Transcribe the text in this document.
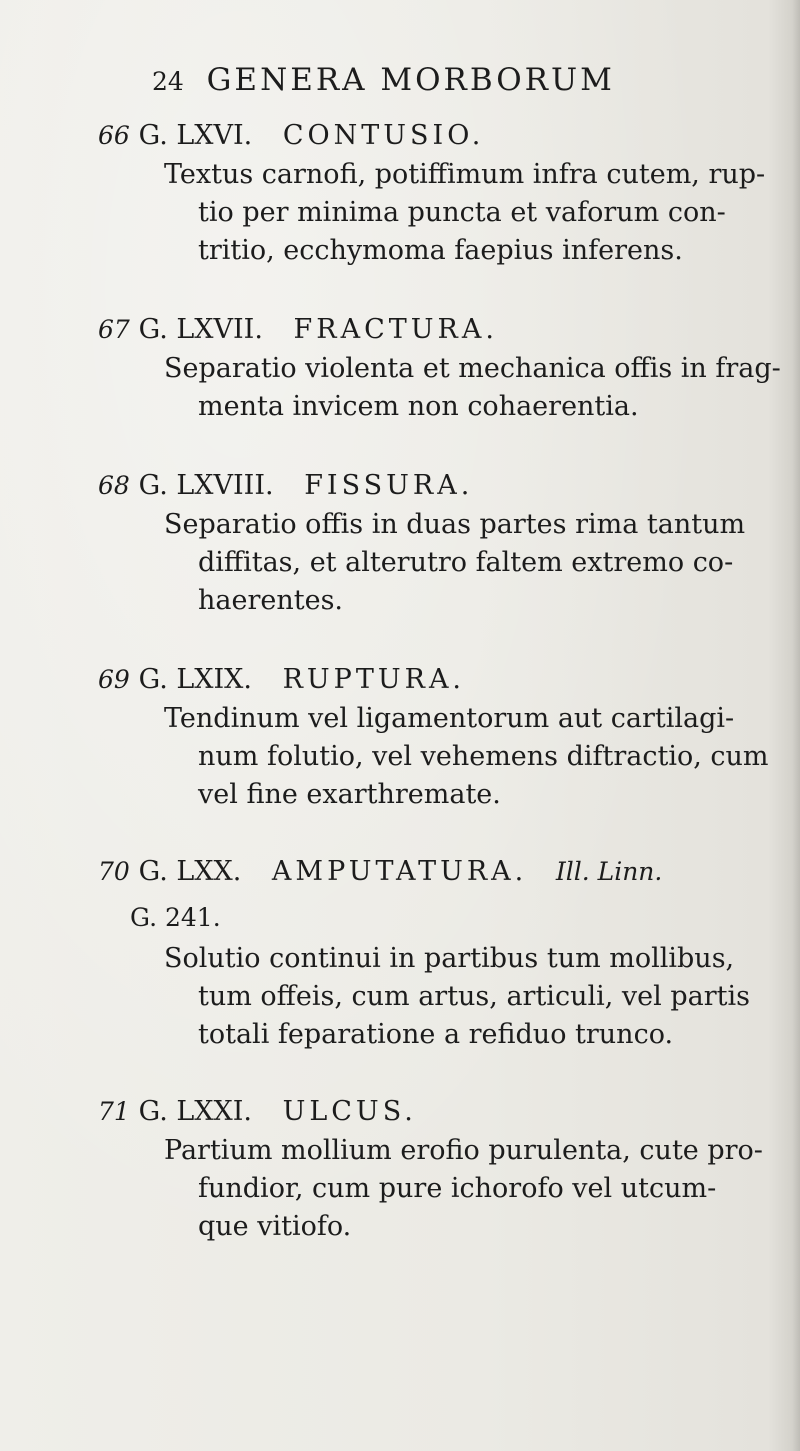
24 GENERA MORBORUM
66 G. LXVI. CONTUSIO.
Textus carnofi, potiffimum infra cutem, rup-
tio per minima puncta et vaforum con-
tritio, ecchymoma faepius inferens.
67 G. LXVII. FRACTURA.
Separatio violenta et mechanica offis in frag-
menta invicem non cohaerentia.
68 G. LXVIII. FISSURA.
Separatio offis in duas partes rima tantum
diffitas, et alterutro faltem extremo co-
haerentes.
69 G. LXIX. RUPTURA.
Tendinum vel ligamentorum aut cartilagi-
num folutio, vel vehemens diftractio, cum
vel fine exarthremate.
70 G. LXX. AMPUTATURA. Ill. Linn.
G. 241.
Solutio continui in partibus tum mollibus,
tum offeis, cum artus, articuli, vel partis
totali feparatione a refiduo trunco.
71 G. LXXI. ULCUS.
Partium mollium erofio purulenta, cute pro-
fundior, cum pure ichorofo vel utcum-
que vitiofo.
